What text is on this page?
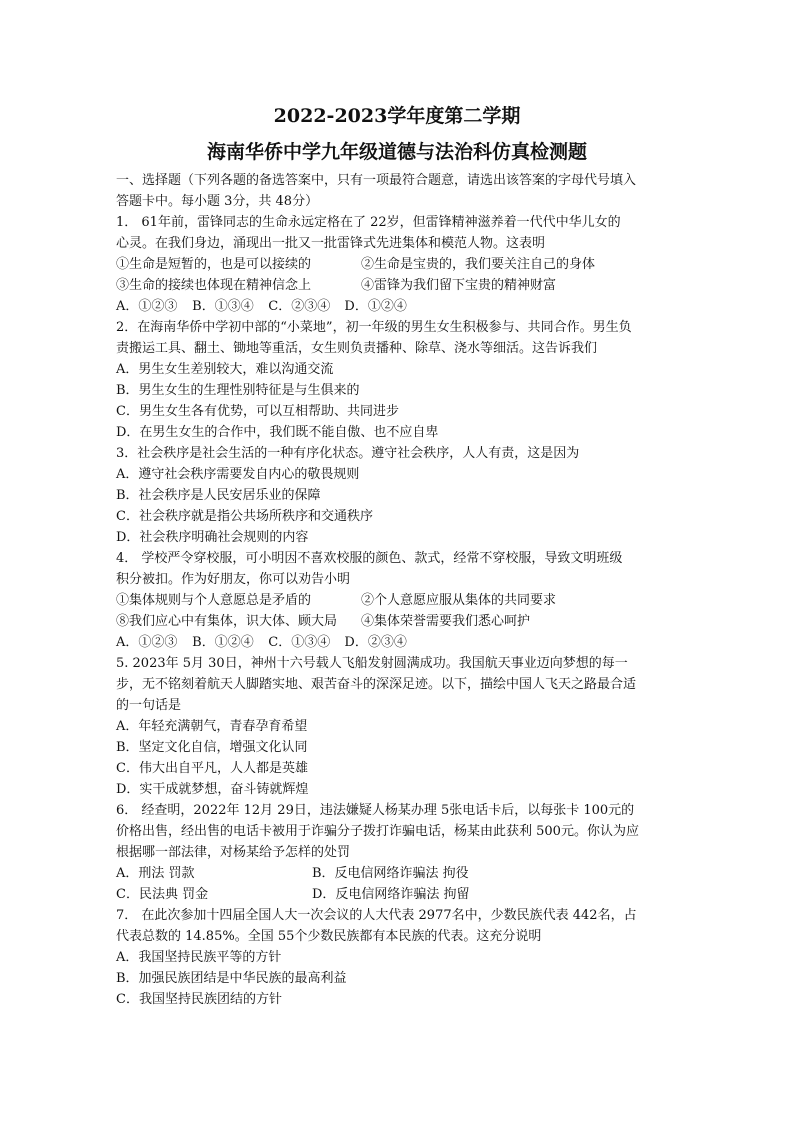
2022-2023学年度第二学期
海南华侨中学九年级道德与法治科仿真检测题
一、选择题（下列各题的备选答案中，只有一项最符合题意，请选出该答案的字母代号填入
答题卡中。每小题 3分，共 48分）
1． 61年前，雷锋同志的生命永远定格在了 22岁，但雷锋精神滋养着一代代中华儿女的
心灵。在我们身边，涌现出一批又一批雷锋式先进集体和模范人物。这表明
①生命是短暂的，也是可以接续的	②生命是宝贵的，我们要关注自己的身体
③生命的接续也体现在精神信念上	④雷锋为我们留下宝贵的精神财富
A．①②③ B．①③④ C．②③④ D．①②④
2．在海南华侨中学初中部的“小菜地”，初一年级的男生女生积极参与、共同合作。男生负
责搬运工具、翻土、锄地等重活，女生则负责播种、除草、浇水等细活。这告诉我们
A．男生女生差别较大，难以沟通交流
B．男生女生的生理性别特征是与生俱来的
C．男生女生各有优势，可以互相帮助、共同进步
D．在男生女生的合作中，我们既不能自傲、也不应自卑
3．社会秩序是社会生活的一种有序化状态。遵守社会秩序，人人有责，这是因为
A．遵守社会秩序需要发自内心的敬畏规则
B．社会秩序是人民安居乐业的保障
C．社会秩序就是指公共场所秩序和交通秩序
D．社会秩序明确社会规则的内容
4． 学校严令穿校服，可小明因不喜欢校服的颜色、款式，经常不穿校服，导致文明班级
积分被扣。作为好朋友，你可以劝告小明
①集体规则与个人意愿总是矛盾的	②个人意愿应服从集体的共同要求
⑧我们应心中有集体，识大体、顾大局	④集体荣誉需要我们悉心呵护
A．①②③ B．①②④ C．①③④ D．②③④
5. 2023年 5月 30日，神州十六号载人飞船发射圆满成功。我国航天事业迈向梦想的每一
步，无不铭刻着航天人脚踏实地、艰苦奋斗的深深足迹。以下，描绘中国人飞天之路最合适
的一句话是
A．年轻充满朝气，青春孕育希望
B．坚定文化自信，增强文化认同
C．伟大出自平凡，人人都是英雄
D．实干成就梦想，奋斗铸就辉煌
6． 经查明，2022年 12月 29日，违法嫌疑人杨某办理 5张电话卡后，以每张卡 100元的
价格出售，经出售的电话卡被用于诈骗分子拨打诈骗电话，杨某由此获利 500元。你认为应
根据哪一部法律，对杨某给予怎样的处罚
A．刑法 罚款	B．反电信网络诈骗法 拘役
C．民法典 罚金	D．反电信网络诈骗法 拘留
7． 在此次参加十四届全国人大一次会议的人大代表 2977名中，少数民族代表 442名，占
代表总数的 14.85%。全国 55个少数民族都有本民族的代表。这充分说明
A．我国坚持民族平等的方针
B．加强民族团结是中华民族的最高利益
C．我国坚持民族团结的方针
